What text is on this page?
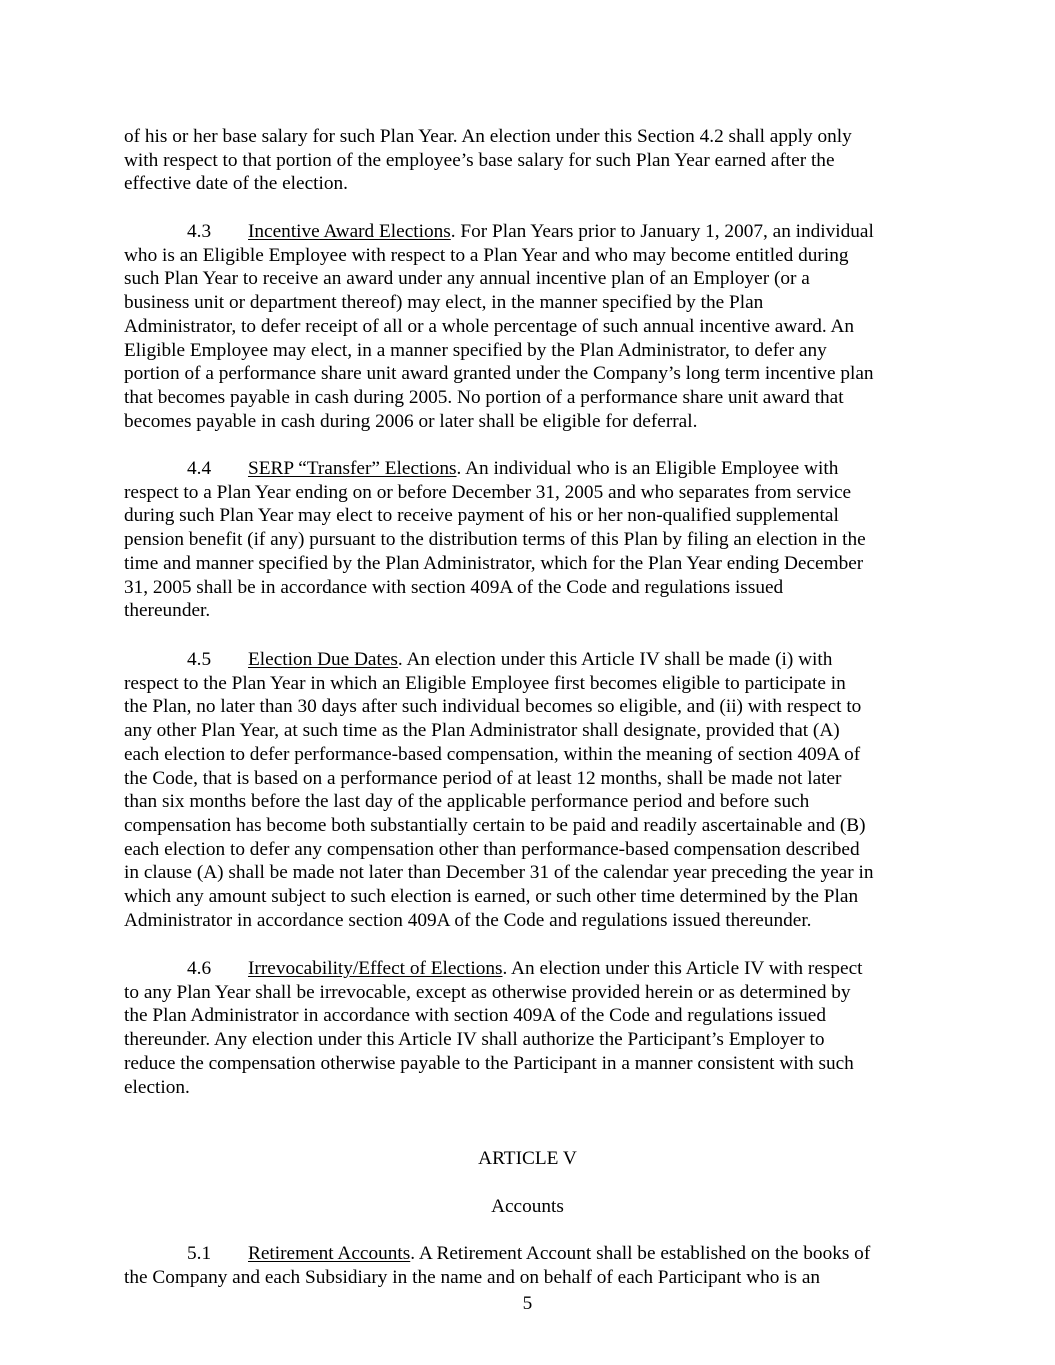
of his or her base salary for such Plan Year. An election under this Section 4.2 shall apply only
with respect to that portion of the employee’s base salary for such Plan Year earned after the
effective date of the election.
4.3 Incentive Award Elections. For Plan Years prior to January 1, 2007, an individual
who is an Eligible Employee with respect to a Plan Year and who may become entitled during
such Plan Year to receive an award under any annual incentive plan of an Employer (or a
business unit or department thereof) may elect, in the manner specified by the Plan
Administrator, to defer receipt of all or a whole percentage of such annual incentive award. An
Eligible Employee may elect, in a manner specified by the Plan Administrator, to defer any
portion of a performance share unit award granted under the Company’s long term incentive plan
that becomes payable in cash during 2005. No portion of a performance share unit award that
becomes payable in cash during 2006 or later shall be eligible for deferral.
4.4 SERP “Transfer” Elections. An individual who is an Eligible Employee with
respect to a Plan Year ending on or before December 31, 2005 and who separates from service
during such Plan Year may elect to receive payment of his or her non-qualified supplemental
pension benefit (if any) pursuant to the distribution terms of this Plan by filing an election in the
time and manner specified by the Plan Administrator, which for the Plan Year ending December
31, 2005 shall be in accordance with section 409A of the Code and regulations issued
thereunder.
4.5 Election Due Dates. An election under this Article IV shall be made (i) with
respect to the Plan Year in which an Eligible Employee first becomes eligible to participate in
the Plan, no later than 30 days after such individual becomes so eligible, and (ii) with respect to
any other Plan Year, at such time as the Plan Administrator shall designate, provided that (A)
each election to defer performance-based compensation, within the meaning of section 409A of
the Code, that is based on a performance period of at least 12 months, shall be made not later
than six months before the last day of the applicable performance period and before such
compensation has become both substantially certain to be paid and readily ascertainable and (B)
each election to defer any compensation other than performance-based compensation described
in clause (A) shall be made not later than December 31 of the calendar year preceding the year in
which any amount subject to such election is earned, or such other time determined by the Plan
Administrator in accordance section 409A of the Code and regulations issued thereunder.
4.6 Irrevocability/Effect of Elections. An election under this Article IV with respect
to any Plan Year shall be irrevocable, except as otherwise provided herein or as determined by
the Plan Administrator in accordance with section 409A of the Code and regulations issued
thereunder. Any election under this Article IV shall authorize the Participant’s Employer to
reduce the compensation otherwise payable to the Participant in a manner consistent with such
election.
5.1 Retirement Accounts. A Retirement Account shall be established on the books of
the Company and each Subsidiary in the name and on behalf of each Participant who is an
ARTICLE V
Accounts
5
